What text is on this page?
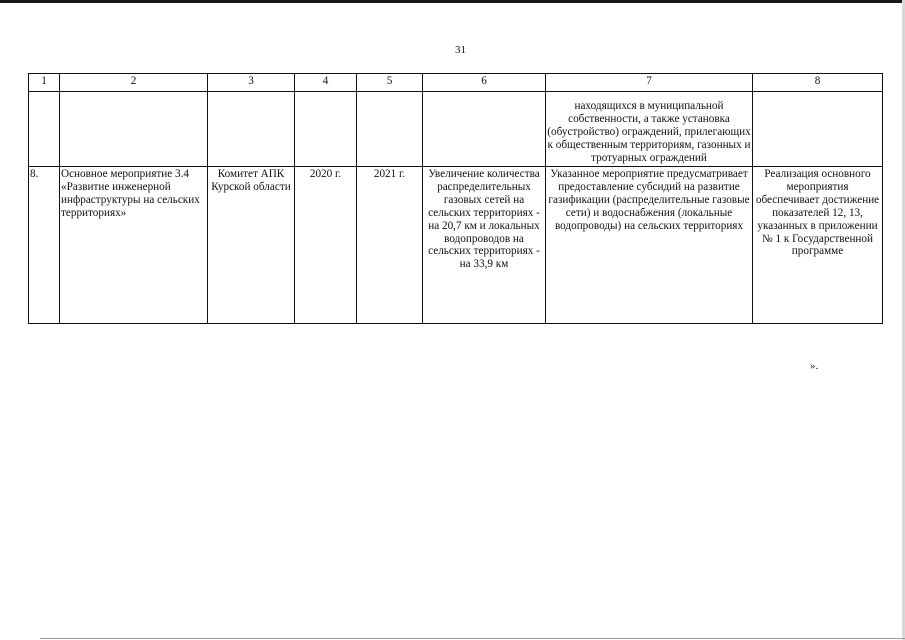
31
1	2	3	4	5	6	7	8
						находящихся в муниципальной собственности, а также установка (обустройство) ограждений, прилегающих к общественным территориям, газонных и тротуарных ограждений	
8.	Основное мероприятие 3.4 «Развитие инженерной инфраструктуры на сельских территориях»	Комитет АПК Курской области	2020 г.	2021 г.	Увеличение количества распределительных газовых сетей на сельских территориях - на 20,7 км и локальных водопроводов на сельских территориях - на 33,9 км	Указанное мероприятие предусматривает предоставление субсидий на развитие газификации (распределительные газовые сети) и водоснабжения (локальные водопроводы) на сельских территориях	Реализация основного мероприятия обеспечивает достижение показателей 12, 13, указанных в приложении № 1 к Государственной программе
».
